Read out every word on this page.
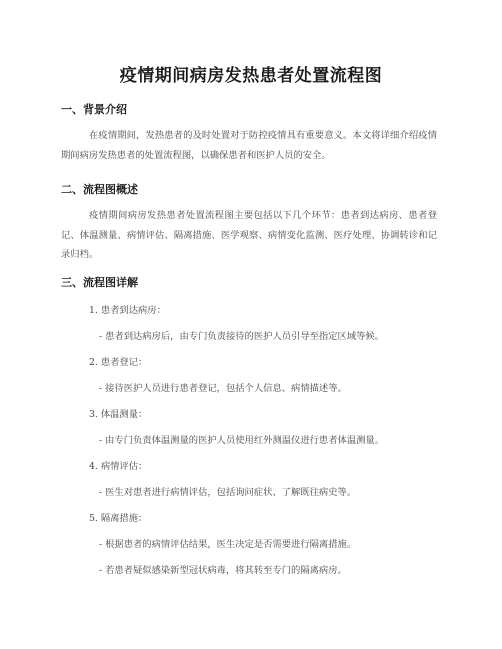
疫情期间病房发热患者处置流程图
一、背景介绍

在疫情期间，发热患者的及时处置对于防控疫情具有重要意义。本文将详细介绍疫情期间病房发热患者的处置流程图，以确保患者和医护人员的安全。

二、流程图概述

疫情期间病房发热患者处置流程图主要包括以下几个环节：患者到达病房、患者登记、体温测量、病情评估、隔离措施、医学观察、病情变化监测、医疗处理、协调转诊和记录归档。

三、流程图详解
1. 患者到达病房：
- 患者到达病房后，由专门负责接待的医护人员引导至指定区域等候。
2. 患者登记：
- 接待医护人员进行患者登记，包括个人信息、病情描述等。
3. 体温测量：
- 由专门负责体温测量的医护人员使用红外测温仪进行患者体温测量。
4. 病情评估：
- 医生对患者进行病情评估，包括询问症状、了解既往病史等。
5. 隔离措施：
- 根据患者的病情评估结果，医生决定是否需要进行隔离措施。
- 若患者疑似感染新型冠状病毒，将其转至专门的隔离病房。
